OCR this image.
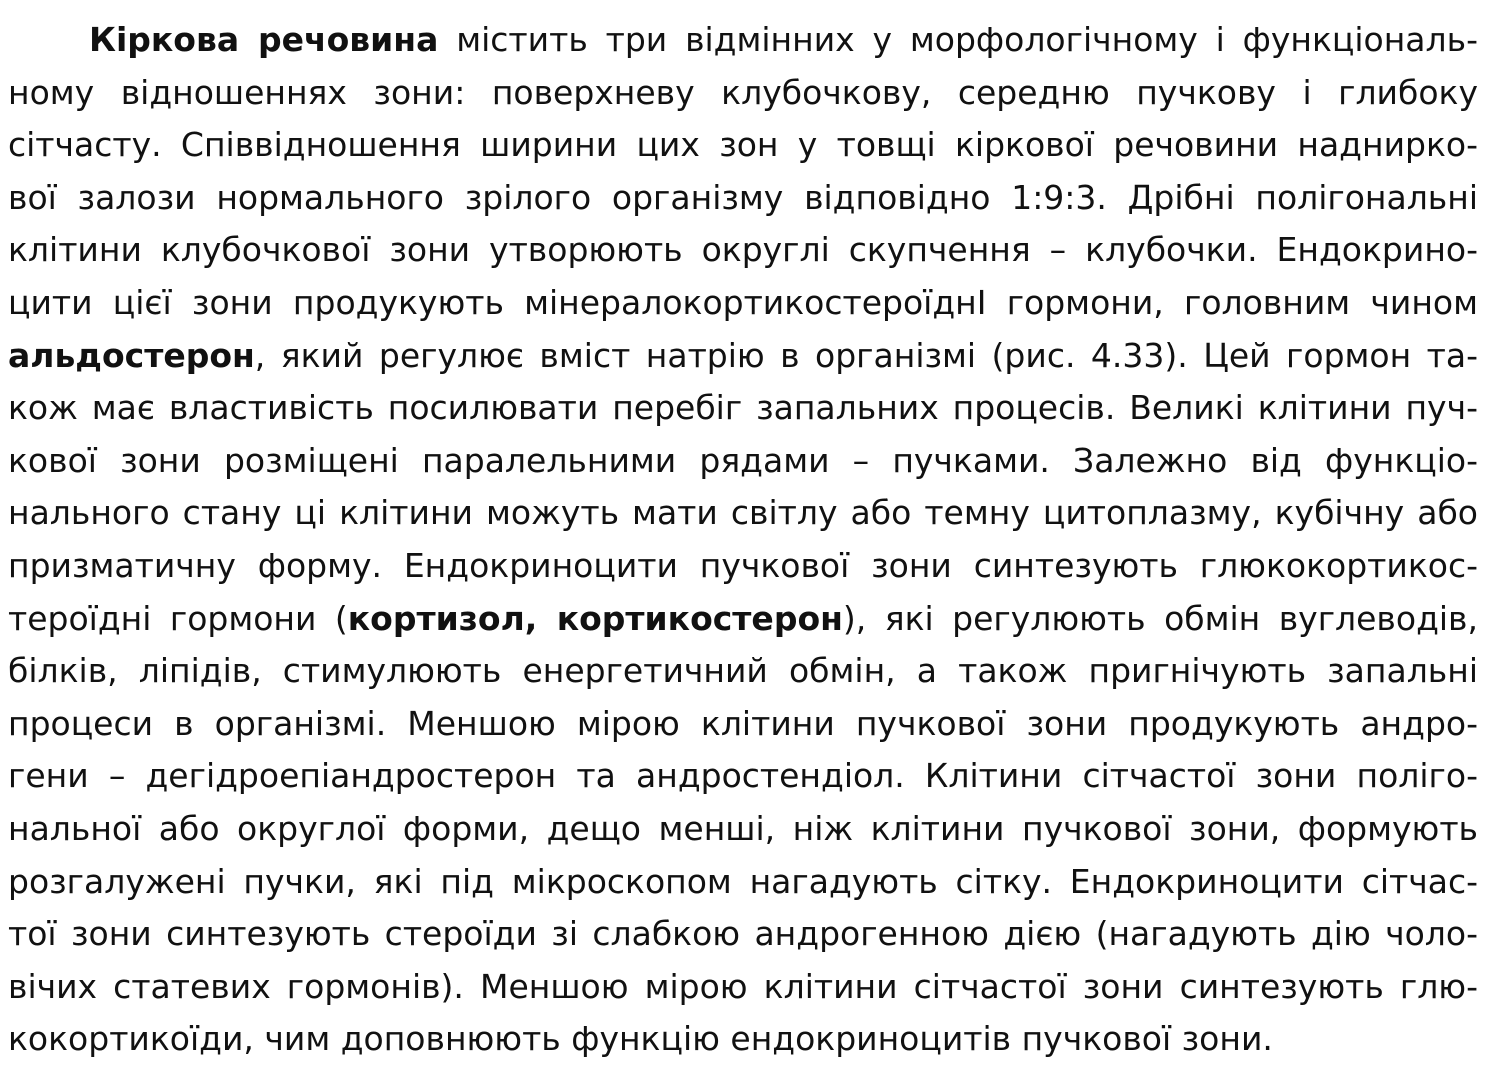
Кіркова речовина містить три відмінних у морфологічному і функціональ-
ному відношеннях зони: поверхневу клубочкову, середню пучкову і глибоку
сітчасту. Співвідношення ширини цих зон у товщі кіркової речовини наднирко-
вої залози нормального зрілого організму відповідно 1:9:3. Дрібні полігональні
клітини клубочкової зони утворюють округлі скупчення – клубочки. Ендокрино-
цити цієї зони продукують мінералокортикостероїднІ гормони, головним чином
альдостерон, який регулює вміст натрію в організмі (рис. 4.33). Цей гормон та-
кож має властивість посилювати перебіг запальних процесів. Великі клітини пуч-
кової зони розміщені паралельними рядами – пучками. Залежно від функціо-
нального стану ці клітини можуть мати світлу або темну цитоплазму, кубічну або
призматичну форму. Ендокриноцити пучкової зони синтезують глюкокортикос-
тероїдні гормони (кортизол, кортикостерон), які регулюють обмін вуглеводів,
білків, ліпідів, стимулюють енергетичний обмін, а також пригнічують запальні
процеси в організмі. Меншою мірою клітини пучкової зони продукують андро-
гени – дегідроепіандростерон та андростендіол. Клітини сітчастої зони поліго-
нальної або округлої форми, дещо менші, ніж клітини пучкової зони, формують
розгалужені пучки, які під мікроскопом нагадують сітку. Ендокриноцити сітчас-
тої зони синтезують стероїди зі слабкою андрогенною дією (нагадують дію чоло-
вічих статевих гормонів). Меншою мірою клітини сітчастої зони синтезують глю-
кокортикоїди, чим доповнюють функцію ендокриноцитів пучкової зони.
